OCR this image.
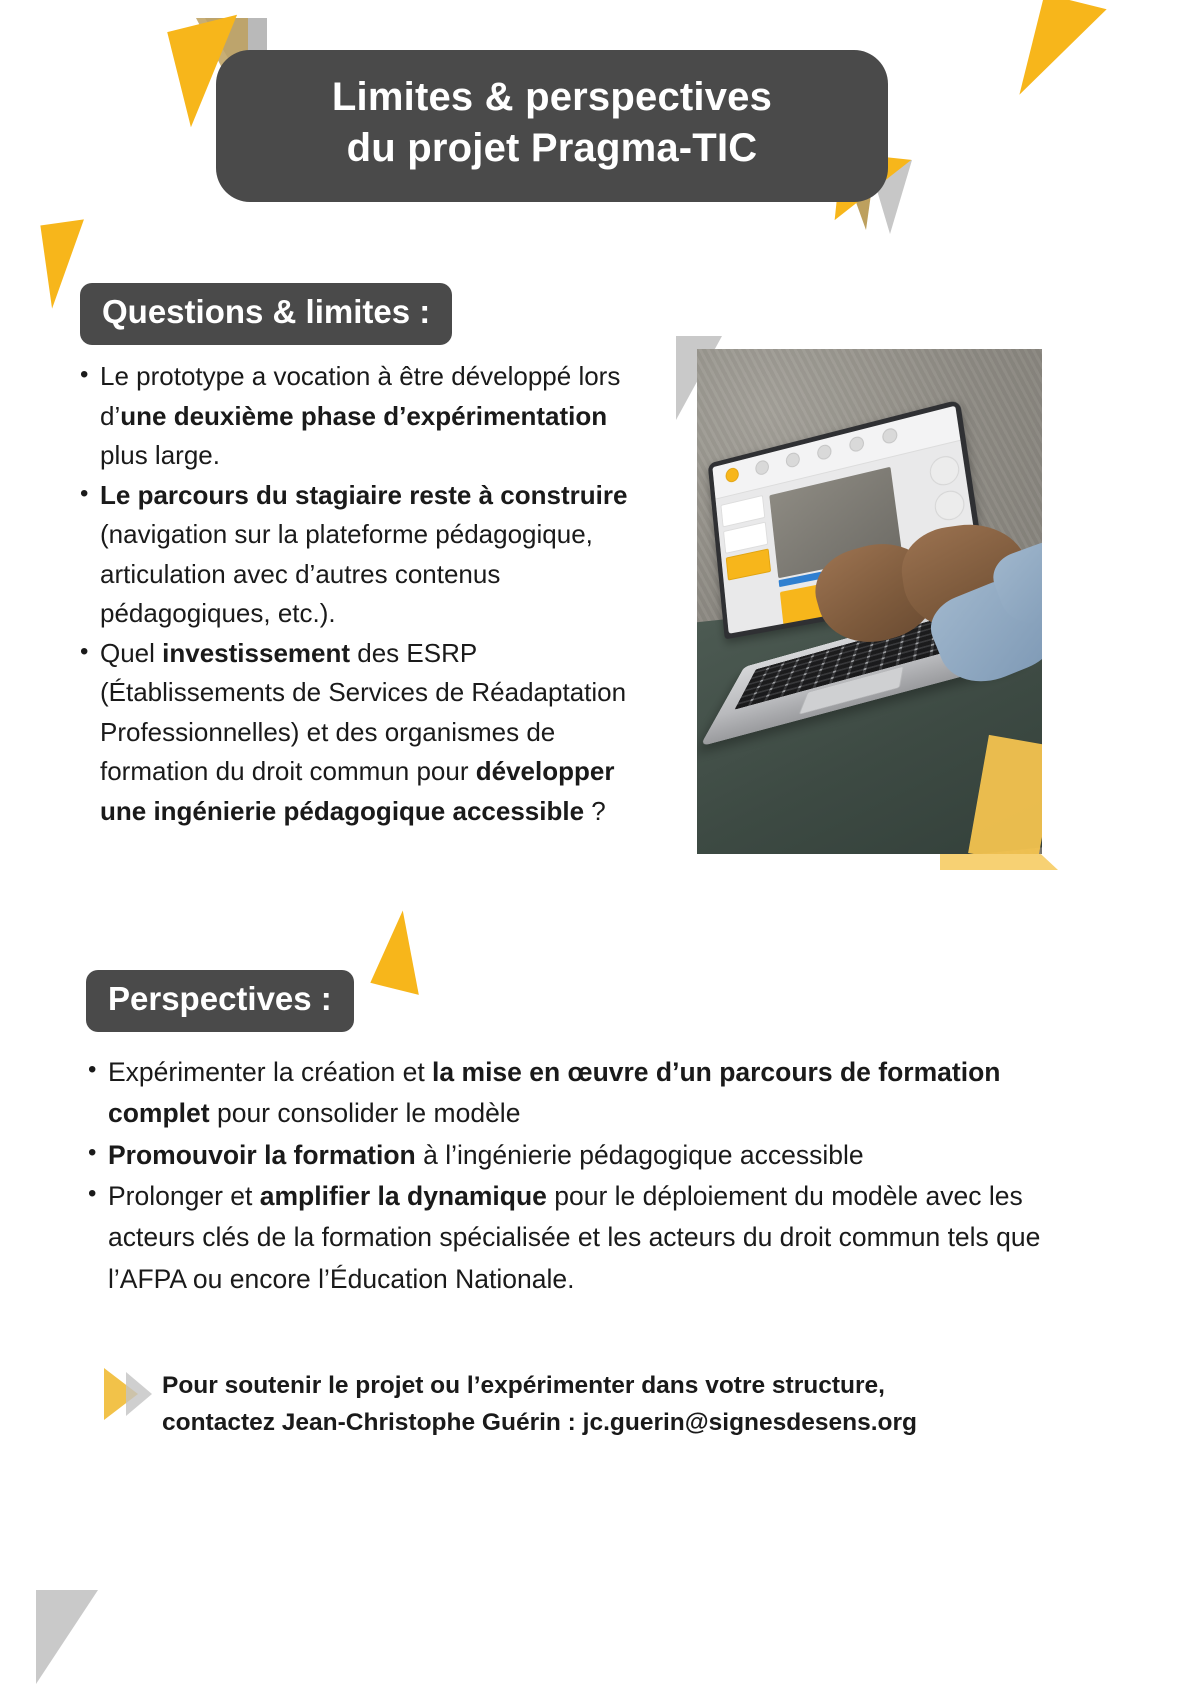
Limites & perspectives
du projet Pragma-TIC
Questions & limites :
• Le prototype a vocation à être développé lors d’une deuxième phase d’expérimentation plus large.
• Le parcours du stagiaire reste à construire (navigation sur la plateforme pédagogique, articulation avec d’autres contenus pédagogiques, etc.).
• Quel investissement des ESRP (Établissements de Services de Réadaptation Professionnelles) et des organismes de formation du droit commun pour développer une ingénierie pédagogique accessible ?
Perspectives :
• Expérimenter la création et la mise en œuvre d’un parcours de formation complet pour consolider le modèle
• Promouvoir la formation à l’ingénierie pédagogique accessible
• Prolonger et amplifier la dynamique pour le déploiement du modèle avec les acteurs clés de la formation spécialisée et les acteurs du droit commun tels que l’AFPA ou encore l’Éducation Nationale.
Pour soutenir le projet ou l’expérimenter dans votre structure,
contactez Jean-Christophe Guérin : jc.guerin@signesdesens.org
